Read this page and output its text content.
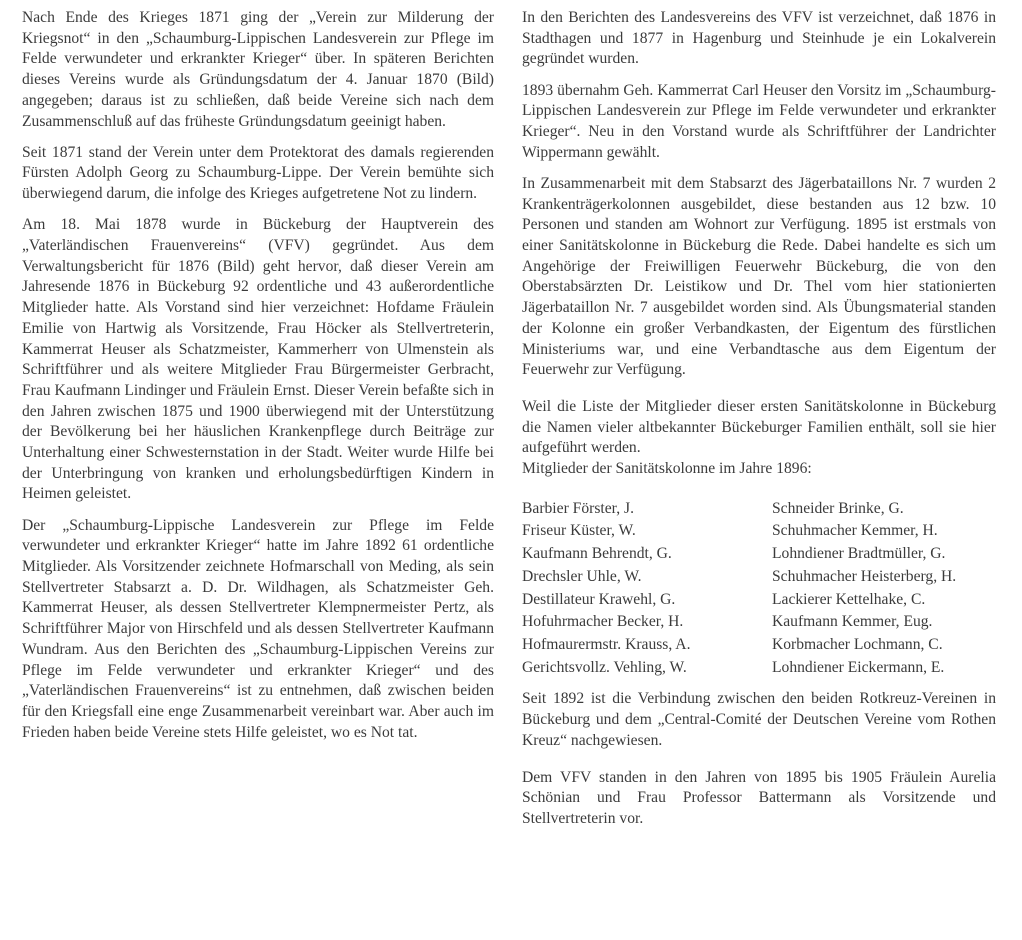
Nach Ende des Krieges 1871 ging der „Verein zur Milderung der Kriegsnot“ in den „Schaumburg-Lippischen Landesverein zur Pflege im Felde verwundeter und erkrankter Krieger“ über. In späteren Berichten dieses Vereins wurde als Gründungsdatum der 4. Januar 1870 (Bild) angegeben; daraus ist zu schließen, daß beide Vereine sich nach dem Zusammenschluß auf das früheste Gründungsdatum geeinigt haben.

Seit 1871 stand der Verein unter dem Protektorat des damals regierenden Fürsten Adolph Georg zu Schaumburg-Lippe. Der Verein bemühte sich überwiegend darum, die infolge des Krieges aufgetretene Not zu lindern.

Am 18. Mai 1878 wurde in Bückeburg der Hauptverein des „Vaterländischen Frauenvereins“ (VFV) gegründet. Aus dem Verwaltungsbericht für 1876 (Bild) geht hervor, daß dieser Verein am Jahresende 1876 in Bückeburg 92 ordentliche und 43 außerordentliche Mitglieder hatte. Als Vorstand sind hier verzeichnet: Hofdame Fräulein Emilie von Hartwig als Vorsitzende, Frau Höcker als Stellvertreterin, Kammerrat Heuser als Schatzmeister, Kammerherr von Ulmenstein als Schriftführer und als weitere Mitglieder Frau Bürgermeister Gerbracht, Frau Kaufmann Lindinger und Fräulein Ernst. Dieser Verein befaßte sich in den Jahren zwischen 1875 und 1900 überwiegend mit der Unterstützung der Bevölkerung bei her häuslichen Krankenpflege durch Beiträge zur Unterhaltung einer Schwesternstation in der Stadt. Weiter wurde Hilfe bei der Unterbringung von kranken und erholungsbedürftigen Kindern in Heimen geleistet.

Der „Schaumburg-Lippische Landesverein zur Pflege im Felde verwundeter und erkrankter Krieger“ hatte im Jahre 1892 61 ordentliche Mitglieder. Als Vorsitzender zeichnete Hofmarschall von Meding, als sein Stellvertreter Stabsarzt a. D. Dr. Wildhagen, als Schatzmeister Geh. Kammerrat Heuser, als dessen Stellvertreter Klempnermeister Pertz, als Schriftführer Major von Hirschfeld und als dessen Stellvertreter Kaufmann Wundram. Aus den Berichten des „Schaumburg-Lippischen Vereins zur Pflege im Felde verwundeter und erkrankter Krieger“ und des „Vaterländischen Frauenvereins“ ist zu entnehmen, daß zwischen beiden für den Kriegsfall eine enge Zusammenarbeit vereinbart war. Aber auch im Frieden haben beide Vereine stets Hilfe geleistet, wo es Not tat.

In den Berichten des Landesvereins des VFV ist verzeichnet, daß 1876 in Stadthagen und 1877 in Hagenburg und Steinhude je ein Lokalverein gegründet wurden.

1893 übernahm Geh. Kammerrat Carl Heuser den Vorsitz im „Schaumburg-Lippischen Landesverein zur Pflege im Felde verwundeter und erkrankter Krieger“. Neu in den Vorstand wurde als Schriftführer der Landrichter Wippermann gewählt.

In Zusammenarbeit mit dem Stabsarzt des Jägerbataillons Nr. 7 wurden 2 Krankenträgerkolonnen ausgebildet, diese bestanden aus 12 bzw. 10 Personen und standen am Wohnort zur Verfügung. 1895 ist erstmals von einer Sanitätskolonne in Bückeburg die Rede. Dabei handelte es sich um Angehörige der Freiwilligen Feuerwehr Bückeburg, die von den Oberstabsärzten Dr. Leistikow und Dr. Thel vom hier stationierten Jägerbataillon Nr. 7 ausgebildet worden sind. Als Übungsmaterial standen der Kolonne ein großer Verbandkasten, der Eigentum des fürstlichen Ministeriums war, und eine Verbandtasche aus dem Eigentum der Feuerwehr zur Verfügung.

Weil die Liste der Mitglieder dieser ersten Sanitätskolonne in Bückeburg die Namen vieler altbekannter Bückeburger Familien enthält, soll sie hier aufgeführt werden.

Mitglieder der Sanitätskolonne im Jahre 1896:

Barbier Förster, J.	Schneider Brinke, G.
Friseur Küster, W.	Schuhmacher Kemmer, H.
Kaufmann Behrendt, G.	Lohndiener Bradtmüller, G.
Drechsler Uhle, W.	Schuhmacher Heisterberg, H.
Destillateur Krawehl, G.	Lackierer Kettelhake, C.
Hofuhrmacher Becker, H.	Kaufmann Kemmer, Eug.
Hofmaurermstr. Krauss, A.	Korbmacher Lochmann, C.
Gerichtsvollz. Vehling, W.	Lohndiener Eickermann, E.

Seit 1892 ist die Verbindung zwischen den beiden Rotkreuz-Vereinen in Bückeburg und dem „Central-Comité der Deutschen Vereine vom Rothen Kreuz“ nachgewiesen.

Dem VFV standen in den Jahren von 1895 bis 1905 Fräulein Aurelia Schönian und Frau Professor Battermann als Vorsitzende und Stellvertreterin vor.
